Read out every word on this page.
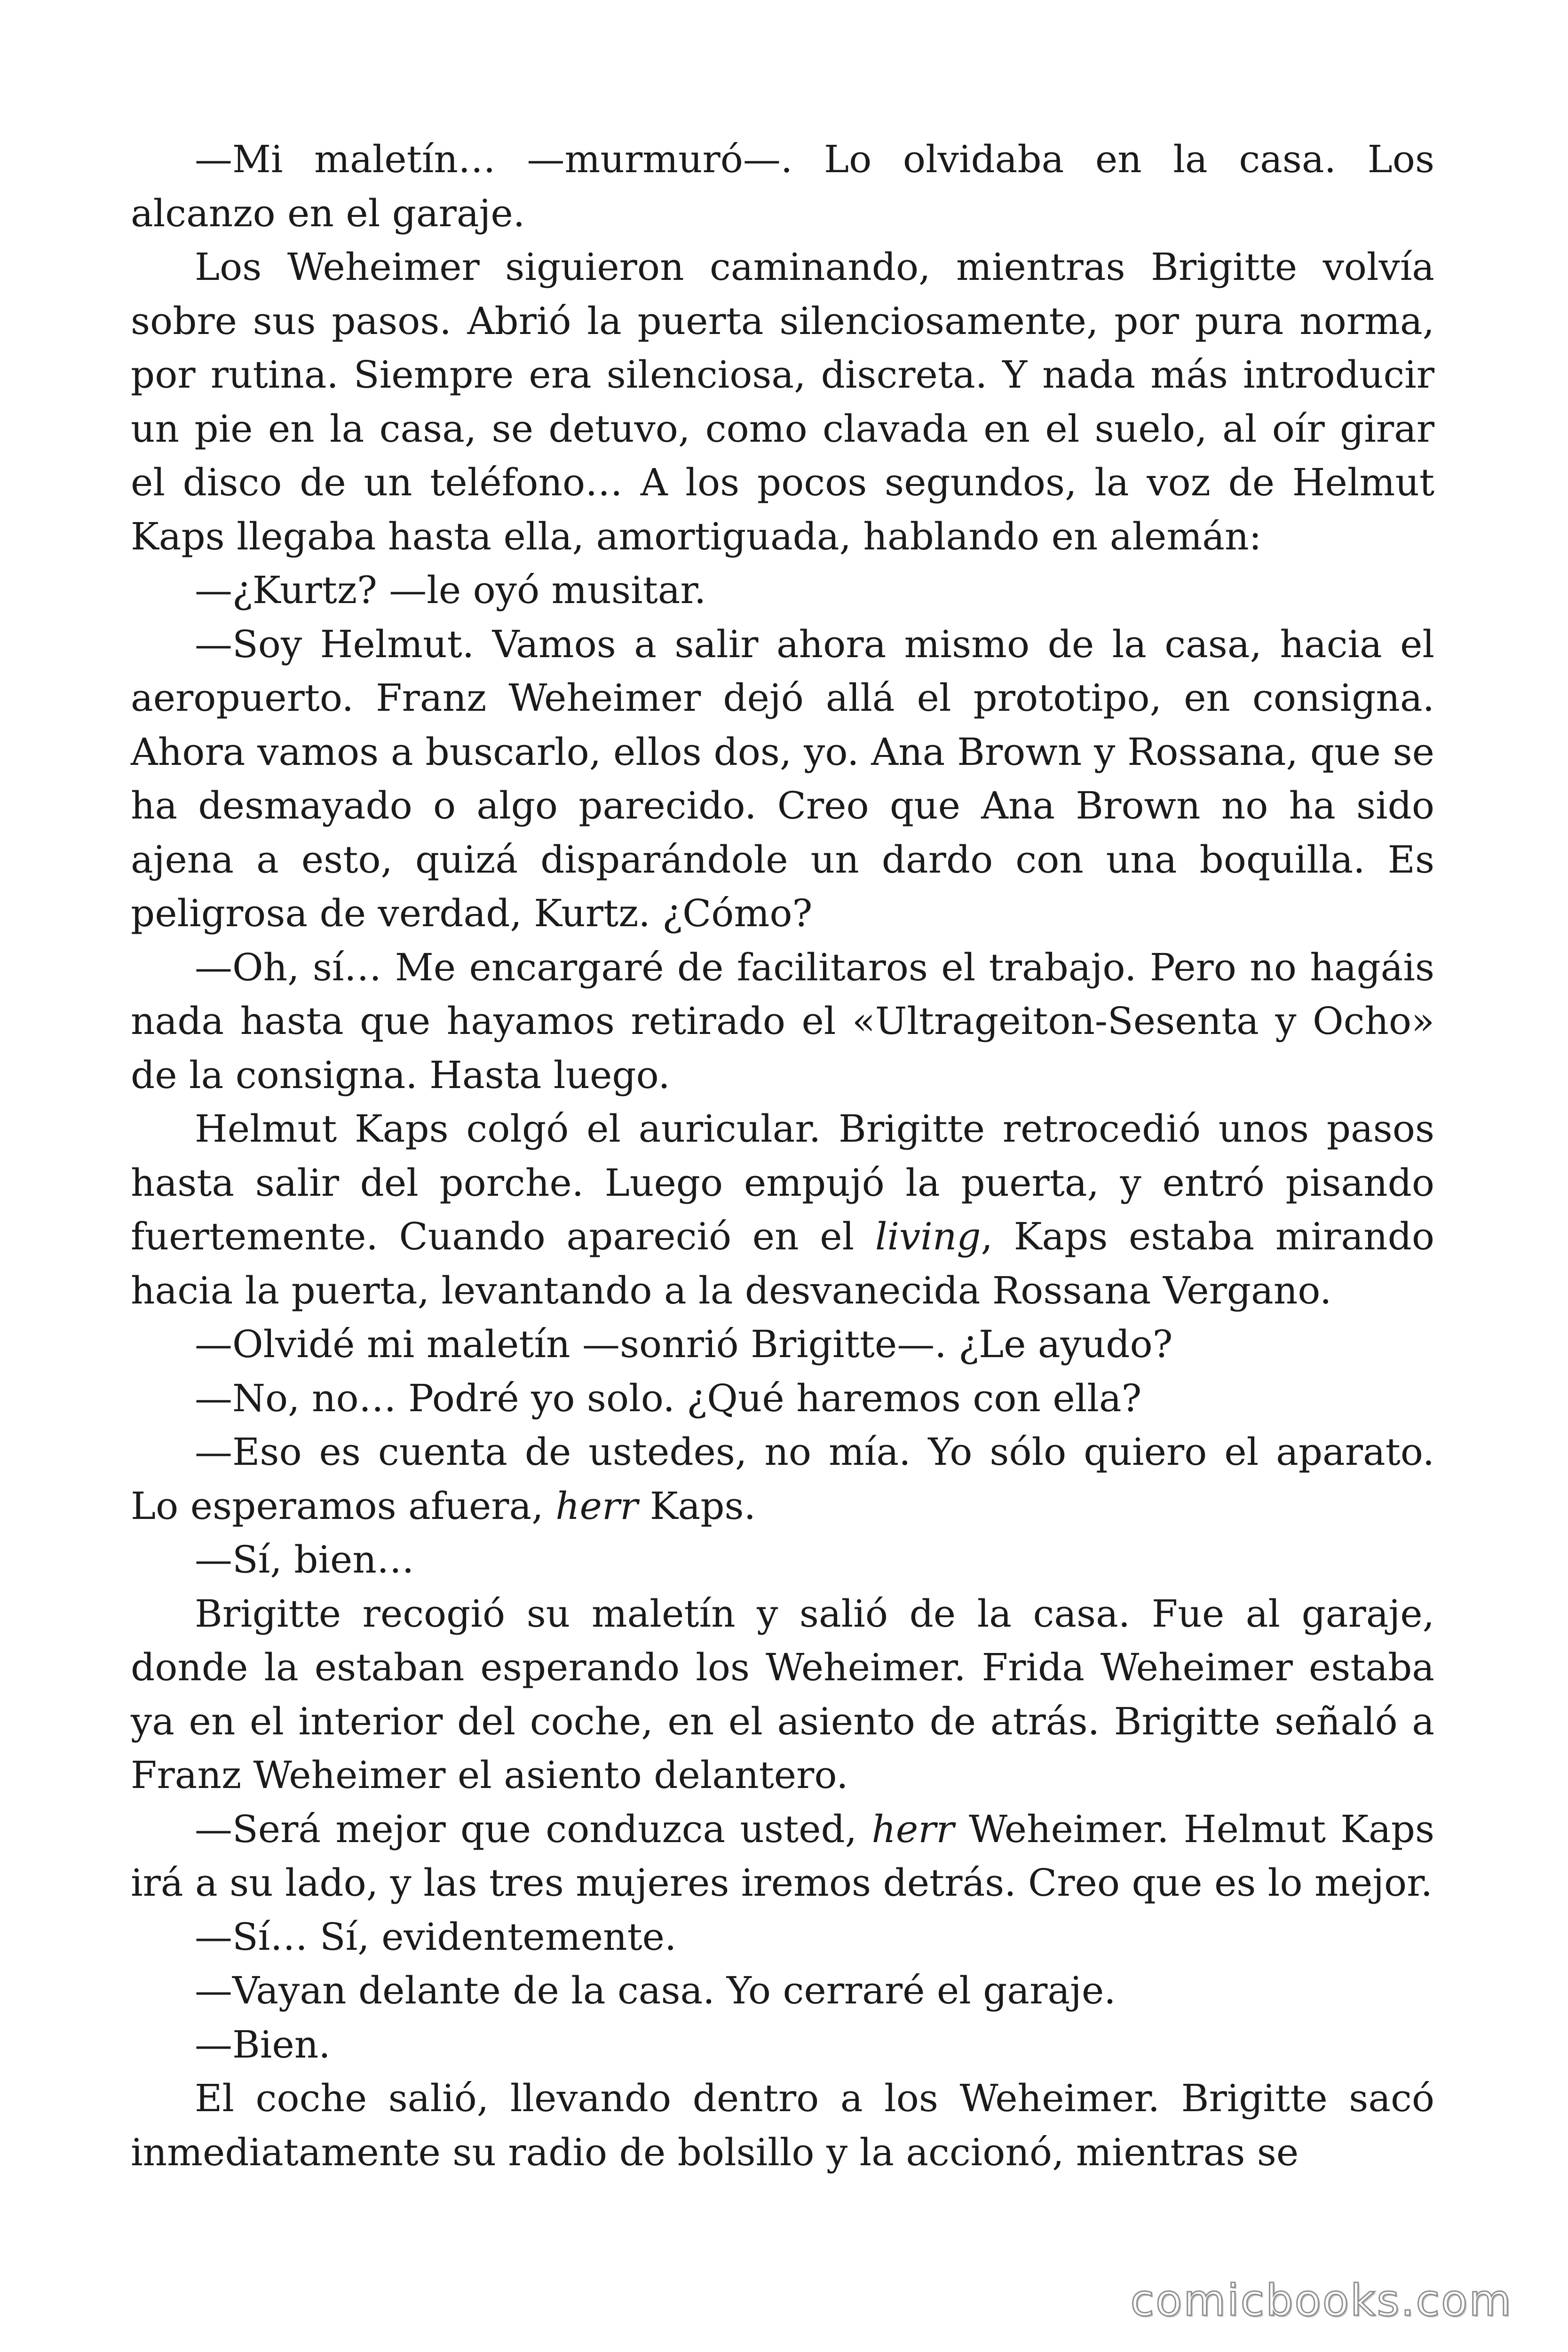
—Mi maletín… —murmuró—. Lo olvidaba en la casa. Los alcanzo en el garaje.

Los Weheimer siguieron caminando, mientras Brigitte volvía sobre sus pasos. Abrió la puerta silenciosamente, por pura norma, por rutina. Siempre era silenciosa, discreta. Y nada más introducir un pie en la casa, se detuvo, como clavada en el suelo, al oír girar el disco de un teléfono… A los pocos segundos, la voz de Helmut Kaps llegaba hasta ella, amortiguada, hablando en alemán:

—¿Kurtz? —le oyó musitar.

—Soy Helmut. Vamos a salir ahora mismo de la casa, hacia el aeropuerto. Franz Weheimer dejó allá el prototipo, en consigna. Ahora vamos a buscarlo, ellos dos, yo. Ana Brown y Rossana, que se ha desmayado o algo parecido. Creo que Ana Brown no ha sido ajena a esto, quizá disparándole un dardo con una boquilla. Es peligrosa de verdad, Kurtz. ¿Cómo?

—Oh, sí… Me encargaré de facilitaros el trabajo. Pero no hagáis nada hasta que hayamos retirado el «Ultrageiton-Sesenta y Ocho» de la consigna. Hasta luego.

Helmut Kaps colgó el auricular. Brigitte retrocedió unos pasos hasta salir del porche. Luego empujó la puerta, y entró pisando fuertemente. Cuando apareció en el living, Kaps estaba mirando hacia la puerta, levantando a la desvanecida Rossana Vergano.

—Olvidé mi maletín —sonrió Brigitte—. ¿Le ayudo?

—No, no… Podré yo solo. ¿Qué haremos con ella?

—Eso es cuenta de ustedes, no mía. Yo sólo quiero el aparato. Lo esperamos afuera, herr Kaps.

—Sí, bien…

Brigitte recogió su maletín y salió de la casa. Fue al garaje, donde la estaban esperando los Weheimer. Frida Weheimer estaba ya en el interior del coche, en el asiento de atrás. Brigitte señaló a Franz Weheimer el asiento delantero.

—Será mejor que conduzca usted, herr Weheimer. Helmut Kaps irá a su lado, y las tres mujeres iremos detrás. Creo que es lo mejor.

—Sí… Sí, evidentemente.

—Vayan delante de la casa. Yo cerraré el garaje.

—Bien.

El coche salió, llevando dentro a los Weheimer. Brigitte sacó inmediatamente su radio de bolsillo y la accionó, mientras se

comicbooks.com
